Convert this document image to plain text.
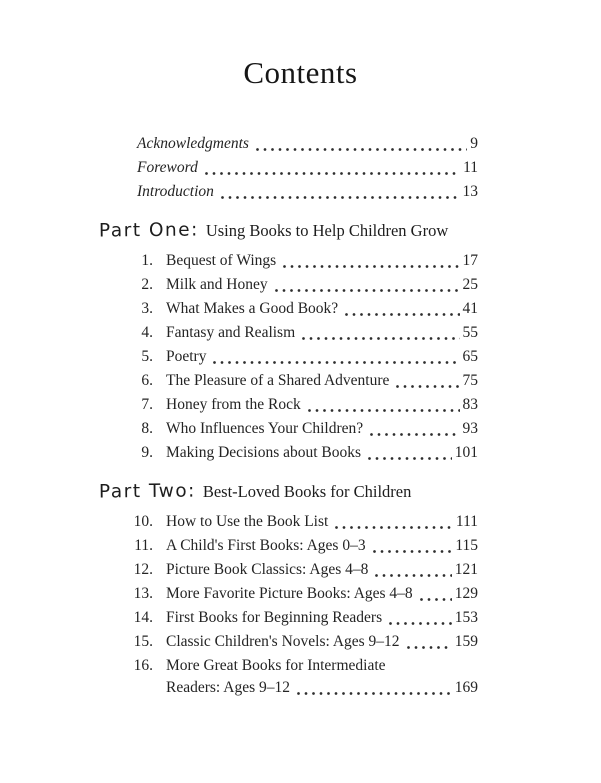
Contents
Acknowledgments	9
Foreword	11
Introduction	13
Part One: Using Books to Help Children Grow
1. Bequest of Wings	17
2. Milk and Honey	25
3. What Makes a Good Book?	41
4. Fantasy and Realism	55
5. Poetry	65
6. The Pleasure of a Shared Adventure	75
7. Honey from the Rock	83
8. Who Influences Your Children?	93
9. Making Decisions about Books	101
Part Two: Best-Loved Books for Children
10. How to Use the Book List	111
11. A Child's First Books: Ages 0–3	115
12. Picture Book Classics: Ages 4–8	121
13. More Favorite Picture Books: Ages 4–8	129
14. First Books for Beginning Readers	153
15. Classic Children's Novels: Ages 9–12	159
16. More Great Books for Intermediate
Readers: Ages 9–12	169
